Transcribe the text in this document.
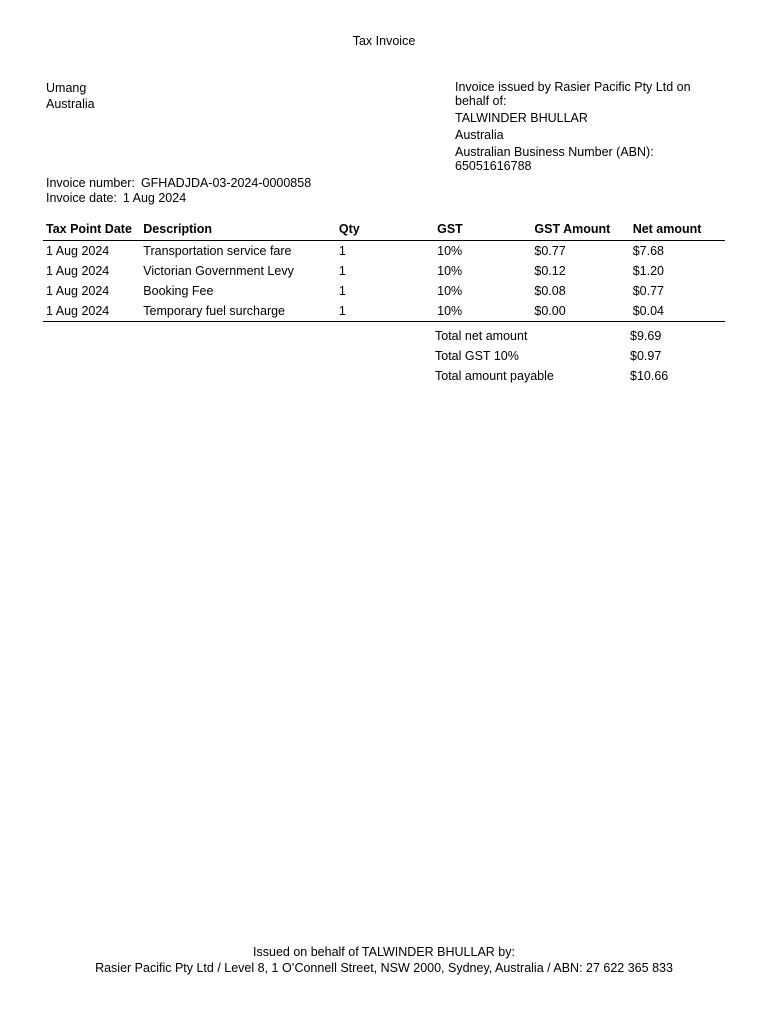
Tax Invoice
Umang
Australia
Invoice issued by Rasier Pacific Pty Ltd on behalf of:
TALWINDER BHULLAR
Australia
Australian Business Number (ABN):
65051616788
Invoice number: GFHADJDA-03-2024-0000858
Invoice date: 1 Aug 2024
Tax Point Date	Description	Qty	GST	GST Amount	Net amount
1 Aug 2024	Transportation service fare	1	10%	$0.77	$7.68
1 Aug 2024	Victorian Government Levy	1	10%	$0.12	$1.20
1 Aug 2024	Booking Fee	1	10%	$0.08	$0.77
1 Aug 2024	Temporary fuel surcharge	1	10%	$0.00	$0.04
Total net amount	$9.69
Total GST 10%	$0.97
Total amount payable	$10.66
Issued on behalf of TALWINDER BHULLAR by:
Rasier Pacific Pty Ltd / Level 8, 1 O’Connell Street, NSW 2000, Sydney, Australia / ABN: 27 622 365 833
